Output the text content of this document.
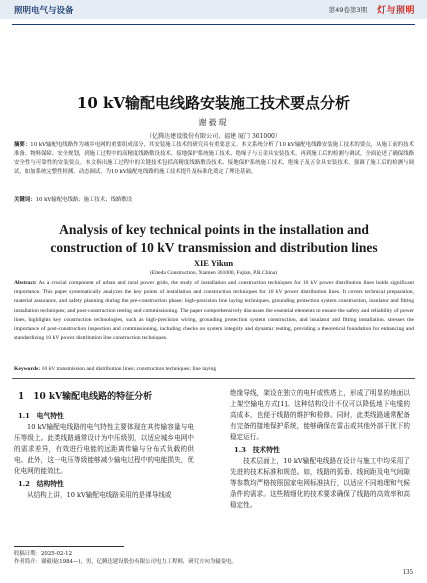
照明电气与设备	第49卷第3期 灯与照明
10 kV输配电线路安装施工技术要点分析
谢毅琨
（亿腾达建设股份有限公司，福建 厦门 361000）
摘要：10 kV输配电线路作为城乡电网的重要组成部分，其安装施工技术的研究具有重要意义。本文系统分析了10 kV输配电线路安装施工技术的要点，从施工前的技术准备、物料保障、安全规划，到施工过程中的高精度线路敷设技术、接地保护系统施工技术、绝缘子与五金具安装技术，再到施工后的检测与调试，全面论述了确保线路安全性与可靠性的安装要点。本文指出施工过程中的关键技术包括高精度线路敷设技术、接地保护系统施工技术、绝缘子及五金具安装技术，强调了施工后的检测与调试，如加系统完整性检测、动态调试，为10 kV输配电线路的施工技术提升及标准化奠定了理论基础。
关键词：10 kV输配电线路；施工技术；线路敷设
Analysis of key technical points in the installation and
construction of 10 kV transmission and distribution lines
XIE Yikun
(Eiteda Construction, Xiamen 361000, Fujian, P.R.China)
Abstract: As a crucial component of urban and rural power grids, the study of installation and construction techniques for 10 kV power distribution lines holds significant importance. This paper systematically analyzes the key points of installation and construction techniques for 10 kV power distribution lines. It covers technical preparation, material assurance, and safety planning during the pre-construction phase; high-precision line laying techniques, grounding protection system construction, insulator and fitting installation techniques; and post-construction testing and commissioning. The paper comprehensively discusses the essential elements to ensure the safety and reliability of power lines, highlights key construction technologies, such as high-precision wiring, grounding protection system construction, and insulator and fitting installation. stresses the importance of post-construction inspection and commissioning, including checks on system integrity and dynamic testing, providing a theoretical foundation for enhancing and standardizing 10 kV power distribution line construction techniques.
Keywords: 10 kV transmission and distribution lines; construction techniques; line laying
1　10 kV输配电线路的特征分析
1.1　电气特性

10 kV输配电线路的电气特性主要体现在其传输容量与电压等级上。此类线路通常设计为中压级别，以适应城乡电网中的需求差异，有效进行电能的远距离传输与分布式负载的供电。此外，这一电压等级能够减少输电过程中的电能损失，优化电网的能效比。

1.2　结构特性

从结构上讲，10 kV输配电线路采用的是裸导线或

绝缘导线，架设在独立的电杆或铁塔上，形成了明显的地面以上架空输电方式[1]。这种结构设计不仅可以降低地下电缆的高成本，也便于线路的维护和检修。同时，此类线路通常配备有完备的接地保护系统，能够确保在雷击或其他外部干扰下的稳定运行。

1.3　技术特性

技术层面上，10 kV输配电线路在设计与施工中均采用了先进的技术标准和规范。如，线路的弧垂、线间距及电气间隙等参数均严格按照国家电网标准执行，以适应不同地理和气候条件的需求。这些精细化的技术要求确保了线路的高效率和高稳定性。

收稿日期：2025-02-12
作者简介：谢毅琨(1984—)，男，亿腾达建设股份有限公司电力工程师，研究方向为输变电。
135
